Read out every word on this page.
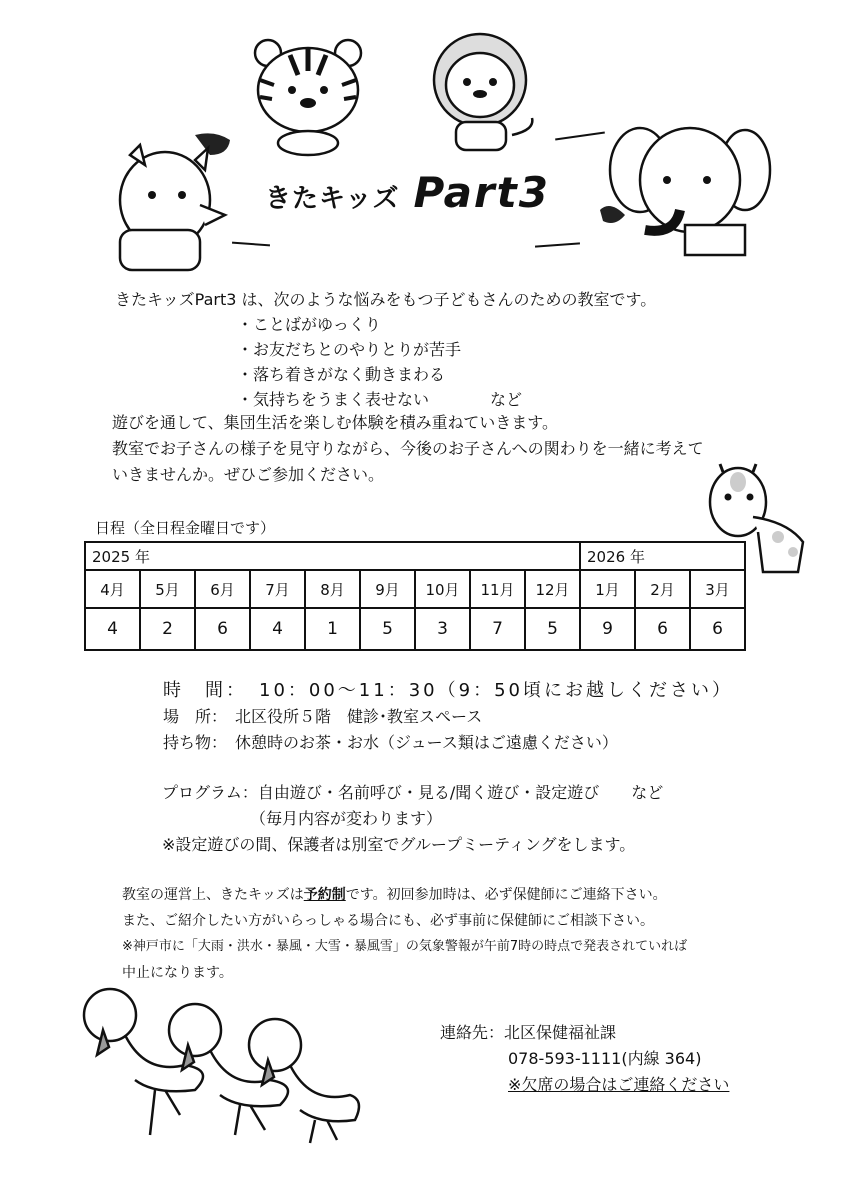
きたキッズ Part3
きたキッズPart3 は、次のような悩みをもつ子どもさんのための教室です。
・ことばがゆっくり
・お友だちとのやりとりが苦手
・落ち着きがなく動きまわる
・気持ちをうまく表せない            など
遊びを通して、集団生活を楽しむ体験を積み重ねていきます。
教室でお子さんの様子を見守りながら、今後のお子さんへの関わりを一緒に考えて
いきませんか。ぜひご参加ください。
日程（全日程金曜日です）
2025 年									2026 年		
4月	5月	6月	7月	8月	9月	10月	11月	12月	1月	2月	3月
4	2	6	4	1	5	3	7	5	9	6	6
時　間：　10：00～11：30（9：50頃にお越しください）
場　所：　北区役所５階　健診･教室スペース
持ち物：　休憩時のお茶・お水（ジュース類はご遠慮ください）
プログラム：自由遊び・名前呼び・見る/聞く遊び・設定遊び　　など
　　　　　　（毎月内容が変わります）
※設定遊びの間、保護者は別室でグループミーティングをします。
教室の運営上、きたキッズは予約制です。初回参加時は、必ず保健師にご連絡下さい。
また、ご紹介したい方がいらっしゃる場合にも、必ず事前に保健師にご相談下さい。
※神戸市に「大雨・洪水・暴風・大雪・暴風雪」の気象警報が午前7時の時点で発表されていれば
中止になります。
連絡先：北区保健福祉課
078-593-1111(内線 364)
※欠席の場合はご連絡ください
